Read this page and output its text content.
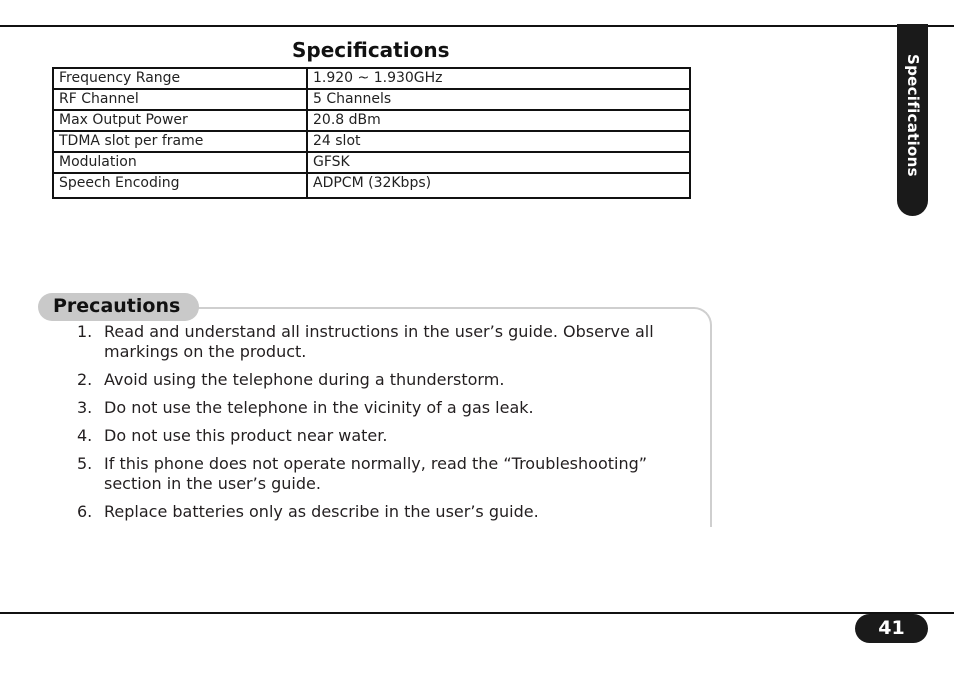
Specifications
Specifications
Frequency Range	1.920 ~ 1.930GHz
RF Channel	5 Channels
Max Output Power	20.8 dBm
TDMA slot per frame	24 slot
Modulation	GFSK
Speech Encoding	ADPCM (32Kbps)
Precautions
1. Read and understand all instructions in the user’s guide. Observe all markings on the product.
2. Avoid using the telephone during a thunderstorm.
3. Do not use the telephone in the vicinity of a gas leak.
4. Do not use this product near water.
5. If this phone does not operate normally, read the “Troubleshooting” section in the user’s guide.
6. Replace batteries only as describe in the user’s guide.
41
